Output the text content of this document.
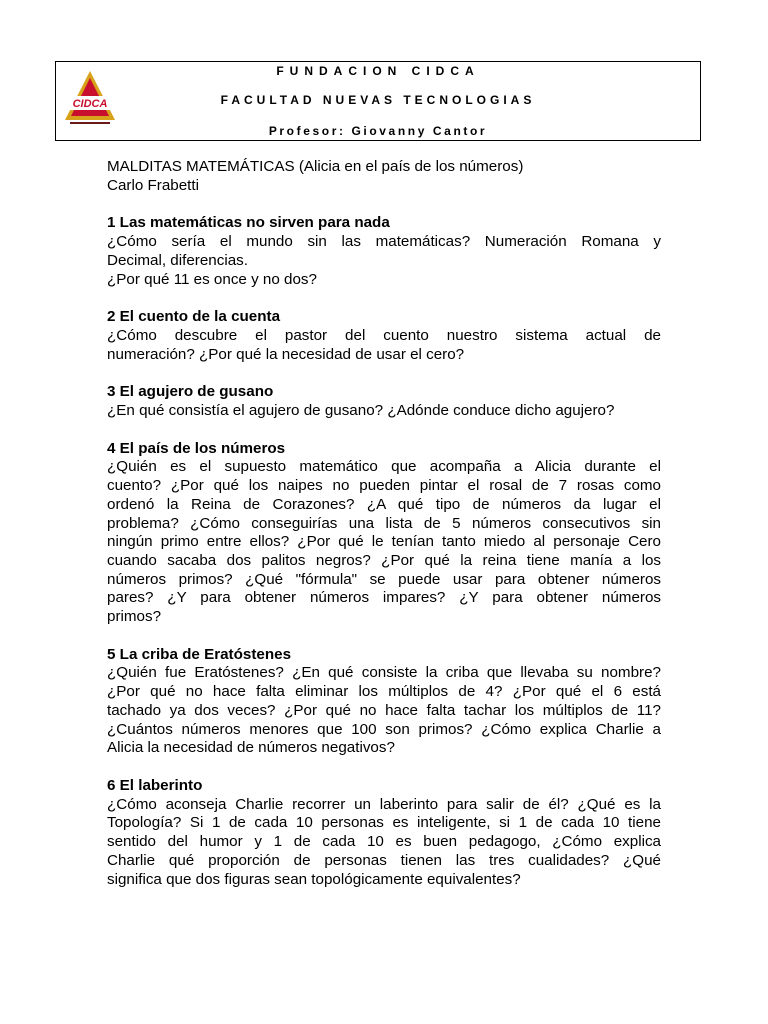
CIDCA
FUNDACION CIDCA
FACULTAD NUEVAS TECNOLOGIAS
Profesor: Giovanny Cantor

MALDITAS MATEMÁTICAS (Alicia en el país de los números)

Carlo Frabetti

1 Las matemáticas no sirven para nada

¿Cómo sería el mundo sin las matemáticas? Numeración Romana y
Decimal, diferencias.
¿Por qué 11 es once y no dos?

2 El cuento de la cuenta

¿Cómo descubre el pastor del cuento nuestro sistema actual de
numeración? ¿Por qué la necesidad de usar el cero?

3 El agujero de gusano

¿En qué consistía el agujero de gusano? ¿Adónde conduce dicho agujero?

4 El país de los números

¿Quién es el supuesto matemático que acompaña a Alicia durante el
cuento? ¿Por qué los naipes no pueden pintar el rosal de 7 rosas como
ordenó la Reina de Corazones? ¿A qué tipo de números da lugar el
problema? ¿Cómo conseguirías una lista de 5 números consecutivos sin
ningún primo entre ellos? ¿Por qué le tenían tanto miedo al personaje Cero
cuando sacaba dos palitos negros? ¿Por qué la reina tiene manía a los
números primos? ¿Qué "fórmula" se puede usar para obtener números
pares? ¿Y para obtener números impares? ¿Y para obtener números
primos?

5 La criba de Eratóstenes

¿Quién fue Eratóstenes? ¿En qué consiste la criba que llevaba su nombre?
¿Por qué no hace falta eliminar los múltiplos de 4? ¿Por qué el 6 está
tachado ya dos veces? ¿Por qué no hace falta tachar los múltiplos de 11?
¿Cuántos números menores que 100 son primos? ¿Cómo explica Charlie a
Alicia la necesidad de números negativos?

6 El laberinto

¿Cómo aconseja Charlie recorrer un laberinto para salir de él? ¿Qué es la
Topología? Si 1 de cada 10 personas es inteligente, si 1 de cada 10 tiene
sentido del humor y 1 de cada 10 es buen pedagogo, ¿Cómo explica
Charlie qué proporción de personas tienen las tres cualidades? ¿Qué
significa que dos figuras sean topológicamente equivalentes?
